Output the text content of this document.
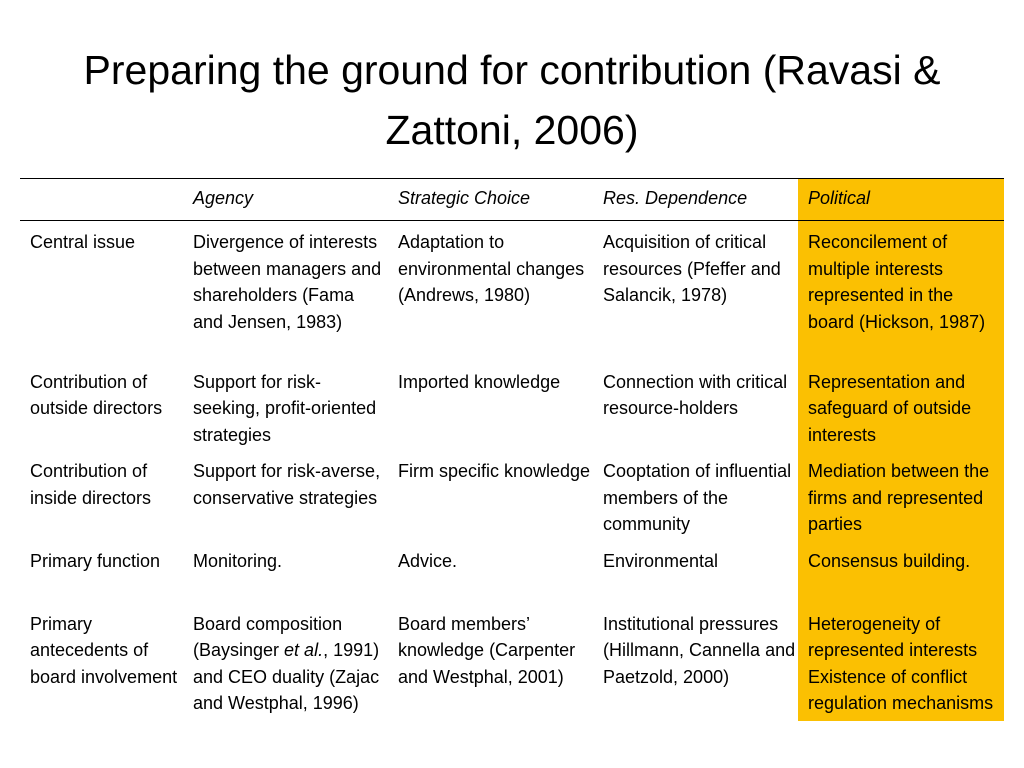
Preparing the ground for contribution (Ravasi & Zattoni, 2006)
	Agency	Strategic Choice	Res. Dependence	Political
Central issue	Divergence of interests between managers and shareholders (Fama and Jensen, 1983)	Adaptation to environmental changes (Andrews, 1980)	Acquisition of critical resources (Pfeffer and Salancik, 1978)	Reconcilement of multiple interests represented in the board (Hickson, 1987)
Contribution of outside directors	Support for risk-seeking, profit-oriented strategies	Imported knowledge	Connection with critical resource-holders	Representation and safeguard of outside interests
Contribution of inside directors	Support for risk-averse, conservative strategies	Firm specific knowledge	Cooptation of influential members of the community	Mediation between the firms and represented parties
Primary function	Monitoring.	Advice.	Environmental	Consensus building.
Primary antecedents of board involvement	Board composition (Baysinger et al., 1991) and CEO duality (Zajac and Westphal, 1996)	Board members’ knowledge (Carpenter and Westphal, 2001)	Institutional pressures (Hillmann, Cannella and Paetzold, 2000)	Heterogeneity of represented interests
Existence of conflict regulation mechanisms
